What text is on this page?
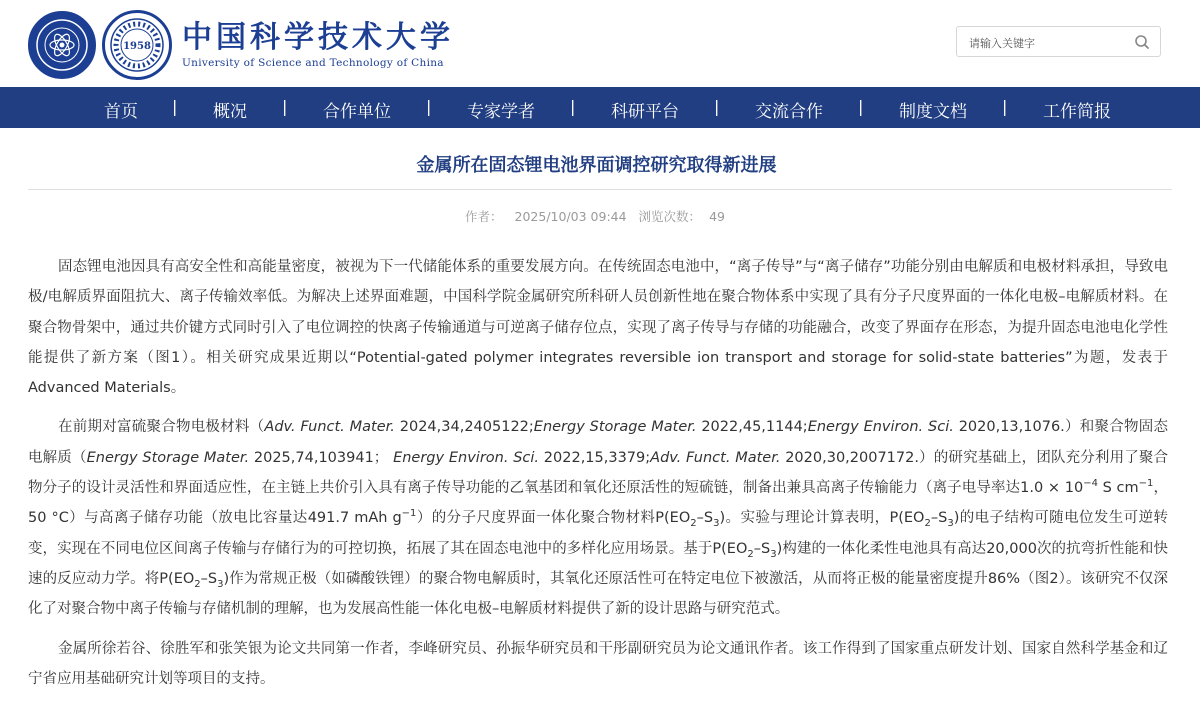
1958 中国科学技术大学
University of Science and Technology of China
请输入关键字
首页 | 概况 | 合作单位 | 专家学者 | 科研平台 | 交流合作 | 制度文档 | 工作简报
金属所在固态锂电池界面调控研究取得新进展
作者： 2025/10/03 09:44 浏览次数： 49

固态锂电池因具有高安全性和高能量密度，被视为下一代储能体系的重要发展方向。在传统固态电池中，“离子传导”与“离子储存”功能分别由电解质和电极材料承担，导致电极/电解质界面阻抗大、离子传输效率低。为解决上述界面难题，中国科学院金属研究所科研人员创新性地在聚合物体系中实现了具有分子尺度界面的一体化电极–电解质材料。在聚合物骨架中，通过共价键方式同时引入了电位调控的快离子传输通道与可逆离子储存位点，实现了离子传导与存储的功能融合，改变了界面存在形态，为提升固态电池电化学性能提供了新方案（图1）。相关研究成果近期以“Potential-gated polymer integrates reversible ion transport and storage for solid-state batteries”为题，发表于Advanced Materials。

在前期对富硫聚合物电极材料（Adv. Funct. Mater. 2024,34,2405122;Energy Storage Mater. 2022,45,1144;Energy Environ. Sci. 2020,13,1076.）和聚合物固态电解质（Energy Storage Mater. 2025,74,103941； Energy Environ. Sci. 2022,15,3379;Adv. Funct. Mater. 2020,30,2007172.）的研究基础上，团队充分利用了聚合物分子的设计灵活性和界面适应性，在主链上共价引入具有离子传导功能的乙氧基团和氧化还原活性的短硫链，制备出兼具高离子传输能力（离子电导率达$1.0 \times 10^{-4}$ S $cm^{-1}$，50 °C）与高离子储存功能（放电比容量达491.7 mAh $g^{-1}$）的分子尺度界面一体化聚合物材料$P(EO_2-S_3)$。实验与理论计算表明，$P(EO_2-S_3)$的电子结构可随电位发生可逆转变，实现在不同电位区间离子传输与存储行为的可控切换，拓展了其在固态电池中的多样化应用场景。基于$P(EO_2-S_3)$构建的一体化柔性电池具有高达20,000次的抗弯折性能和快速的反应动力学。将$P(EO_2-S_3)$作为常规正极（如磷酸铁锂）的聚合物电解质时，其氧化还原活性可在特定电位下被激活，从而将正极的能量密度提升86%（图2）。该研究不仅深化了对聚合物中离子传输与存储机制的理解，也为发展高性能一体化电极–电解质材料提供了新的设计思路与研究范式。

金属所徐若谷、徐胜军和张笑银为论文共同第一作者，李峰研究员、孙振华研究员和干彤副研究员为论文通讯作者。该工作得到了国家重点研发计划、国家自然科学基金和辽宁省应用基础研究计划等项目的支持。
